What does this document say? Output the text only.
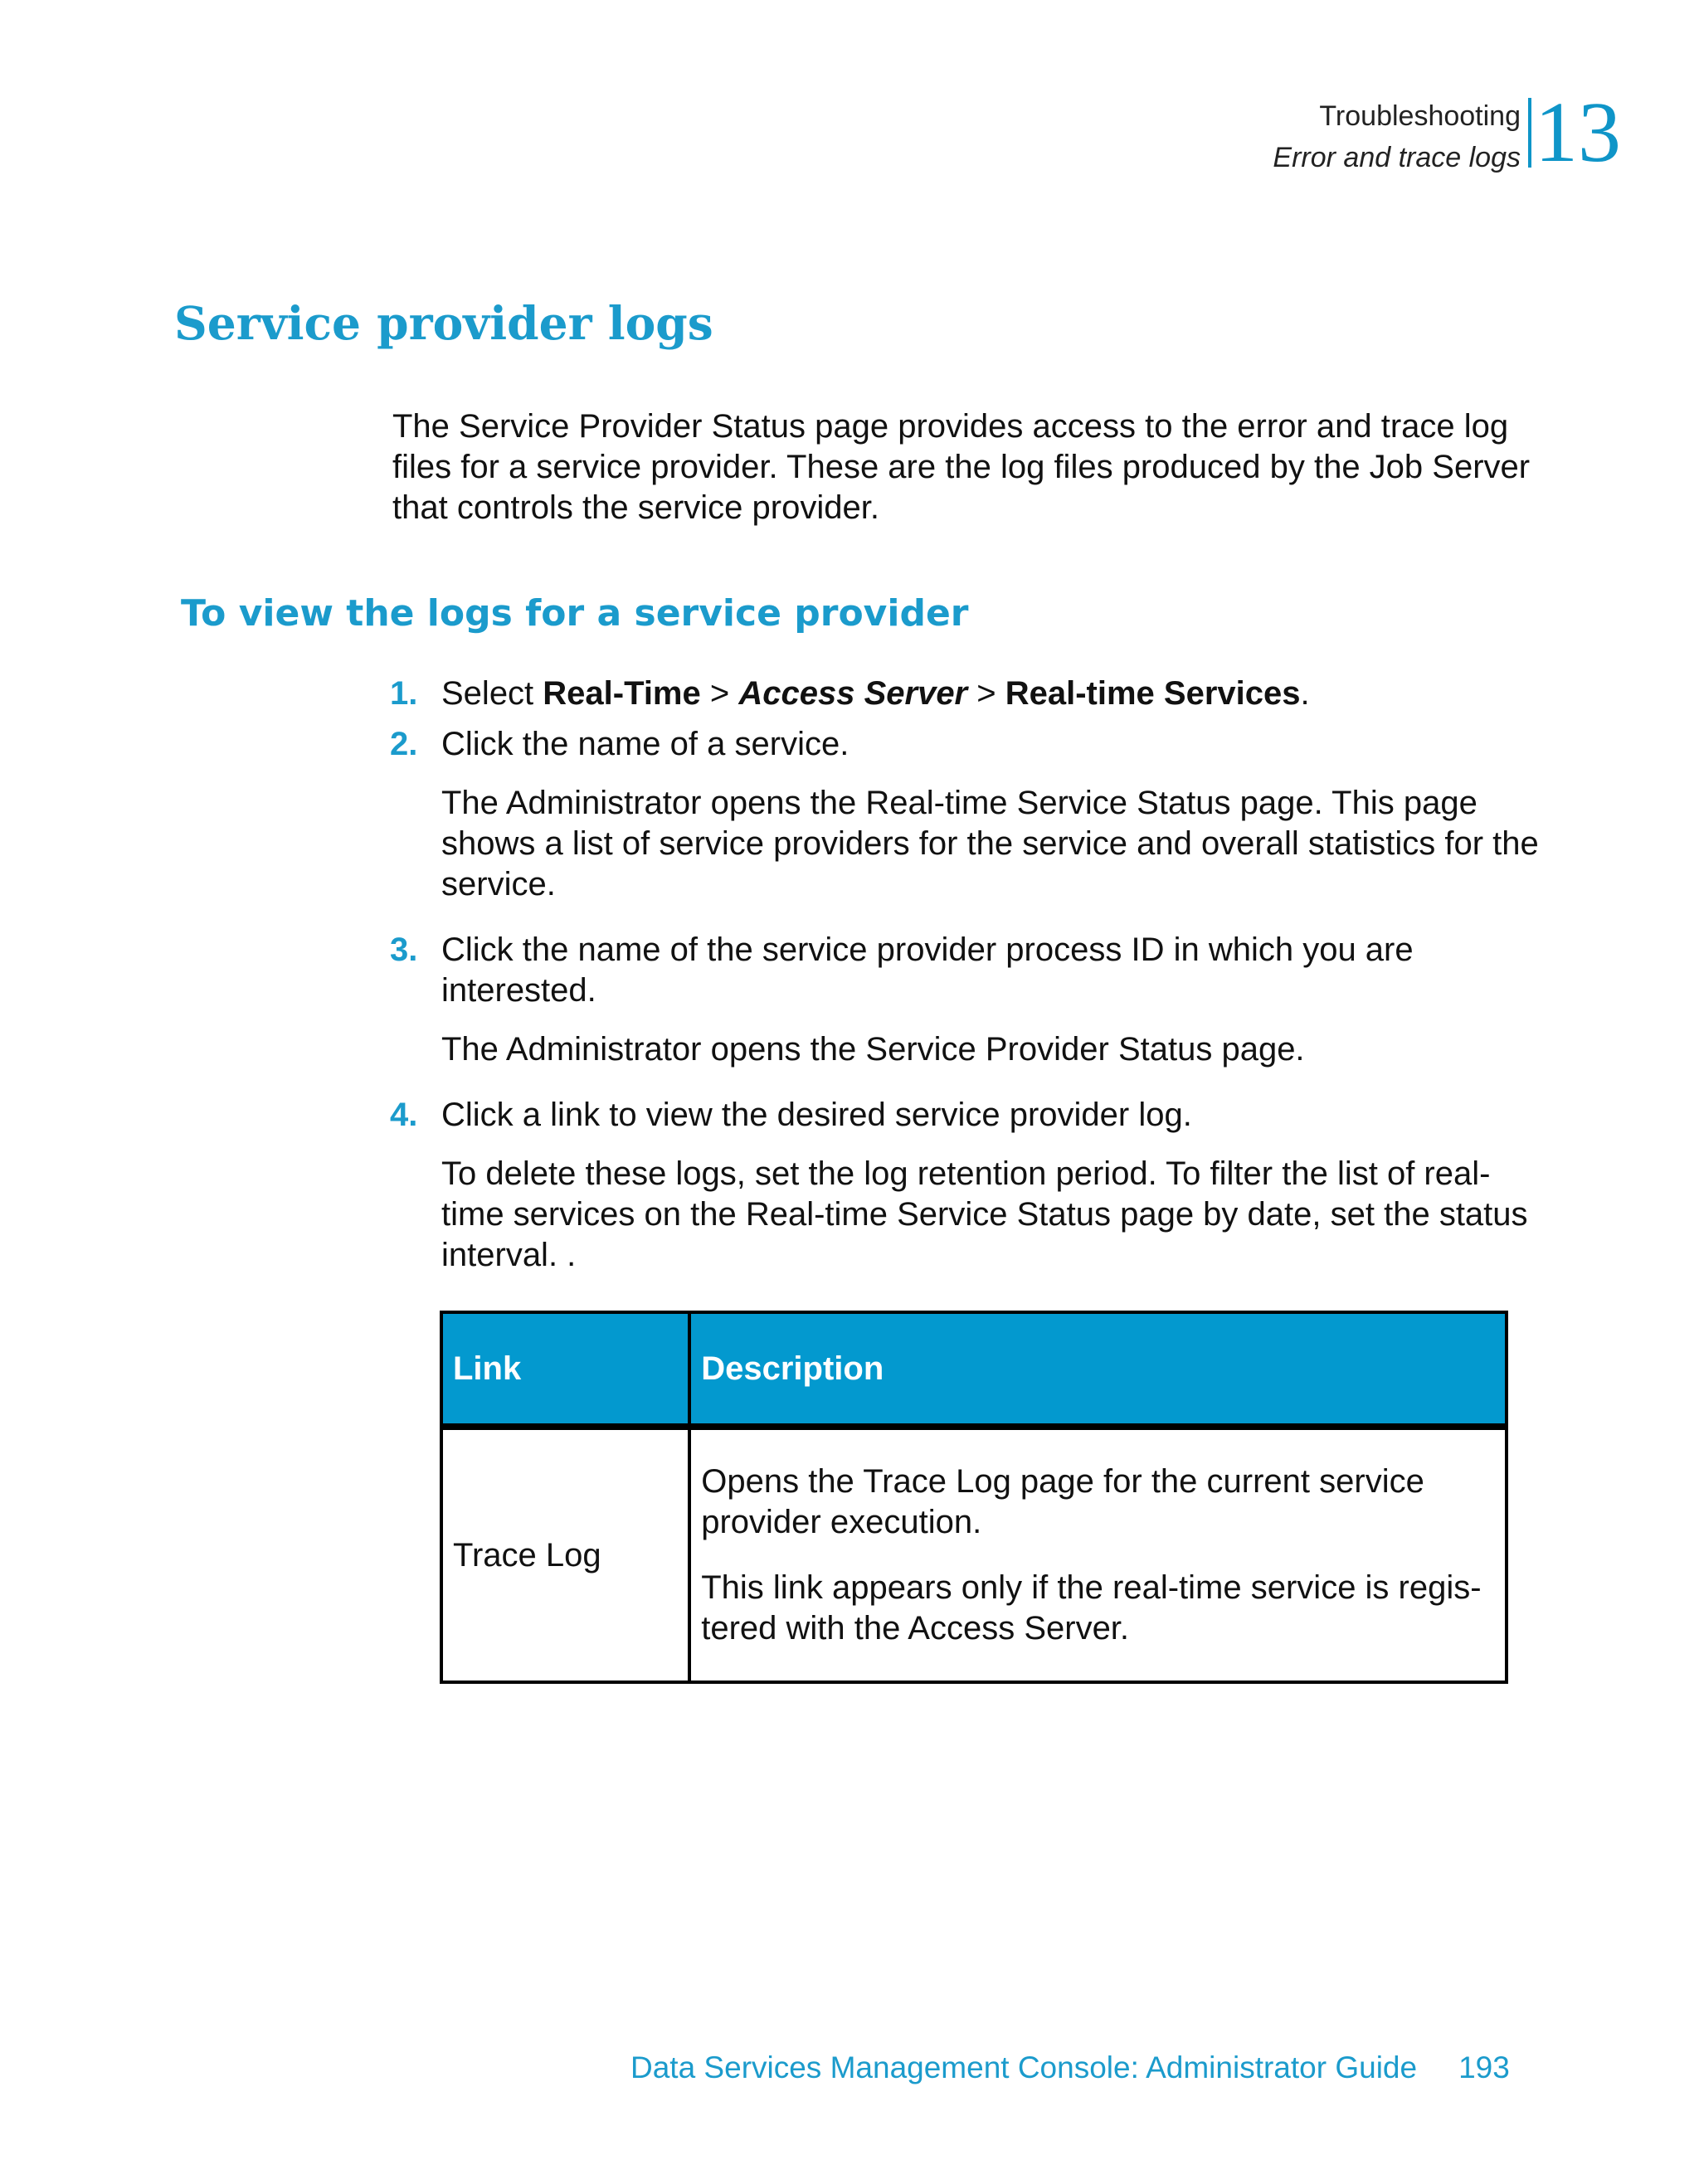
Troubleshooting
Error and trace logs 13
Service provider logs
The Service Provider Status page provides access to the error and trace log files for a service provider. These are the log files produced by the Job Server that controls the service provider.
To view the logs for a service provider
1. Select Real-Time > Access Server > Real-time Services.

2. Click the name of a service.

The Administrator opens the Real-time Service Status page. This page shows a list of service providers for the service and overall statistics for the service.

3. Click the name of the service provider process ID in which you are interested.

The Administrator opens the Service Provider Status page.

4. Click a link to view the desired service provider log.

To delete these logs, set the log retention period. To filter the list of real-time services on the Real-time Service Status page by date, set the status interval. .

Link	Description
Trace Log	Opens the Trace Log page for the current service provider execution.

This link appears only if the real-time service is regis-tered with the Access Server.

Data Services Management Console: Administrator Guide 193
